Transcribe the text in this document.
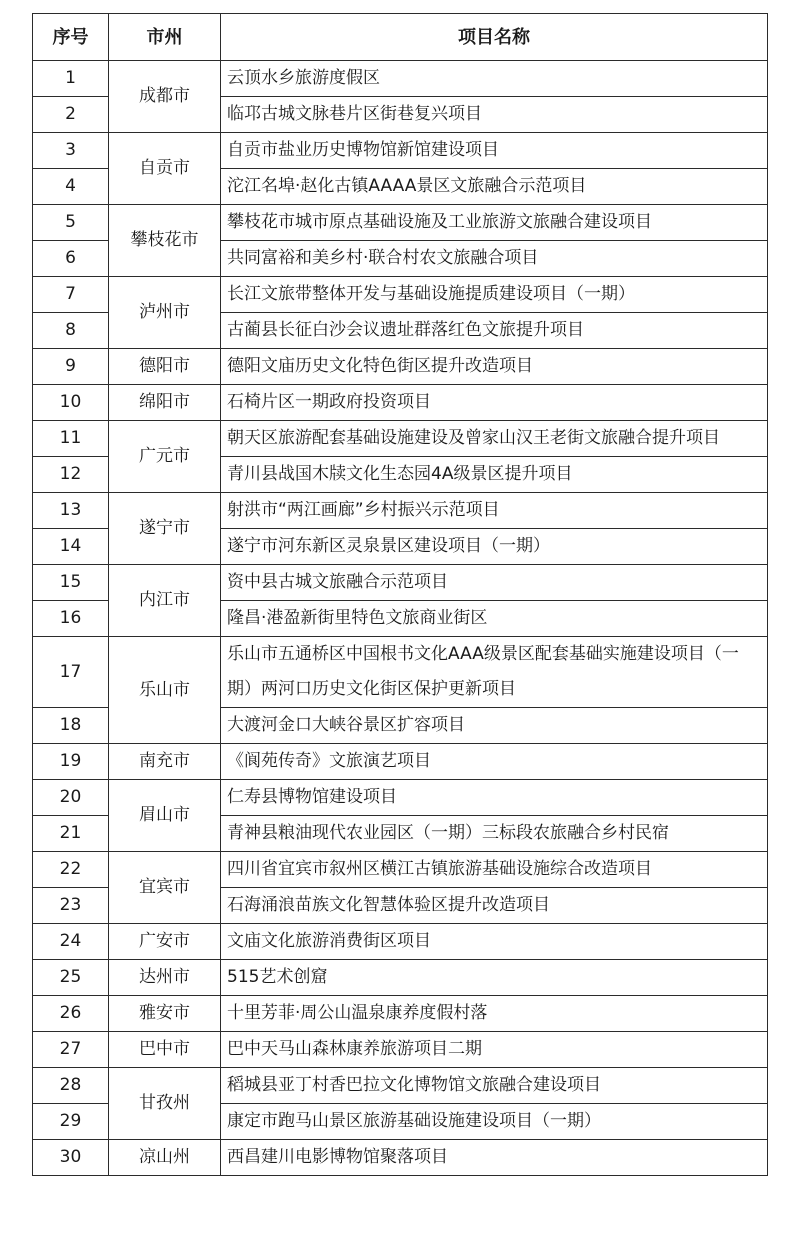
序号	市州	项目名称
1	成都市	云顶水乡旅游度假区
2		临邛古城文脉巷片区街巷复兴项目
3	自贡市	自贡市盐业历史博物馆新馆建设项目
4		沱江名埠·赵化古镇AAAA景区文旅融合示范项目
5	攀枝花市	攀枝花市城市原点基础设施及工业旅游文旅融合建设项目
6		共同富裕和美乡村·联合村农文旅融合项目
7	泸州市	长江文旅带整体开发与基础设施提质建设项目（一期）
8		古蔺县长征白沙会议遗址群落红色文旅提升项目
9	德阳市	德阳文庙历史文化特色街区提升改造项目
10	绵阳市	石椅片区一期政府投资项目
11	广元市	朝天区旅游配套基础设施建设及曾家山汉王老街文旅融合提升项目
12		青川县战国木牍文化生态园4A级景区提升项目
13	遂宁市	射洪市“两江画廊”乡村振兴示范项目
14		遂宁市河东新区灵泉景区建设项目（一期）
15	内江市	资中县古城文旅融合示范项目
16		隆昌·港盈新街里特色文旅商业街区
17	乐山市	乐山市五通桥区中国根书文化AAA级景区配套基础实施建设项目（一期）两河口历史文化街区保护更新项目
18		大渡河金口大峡谷景区扩容项目
19	南充市	《阆苑传奇》文旅演艺项目
20	眉山市	仁寿县博物馆建设项目
21		青神县粮油现代农业园区（一期）三标段农旅融合乡村民宿
22	宜宾市	四川省宜宾市叙州区横江古镇旅游基础设施综合改造项目
23		石海涌浪苗族文化智慧体验区提升改造项目
24	广安市	文庙文化旅游消费街区项目
25	达州市	515艺术创窟
26	雅安市	十里芳菲·周公山温泉康养度假村落
27	巴中市	巴中天马山森林康养旅游项目二期
28	甘孜州	稻城县亚丁村香巴拉文化博物馆文旅融合建设项目
29		康定市跑马山景区旅游基础设施建设项目（一期）
30	凉山州	西昌建川电影博物馆聚落项目
